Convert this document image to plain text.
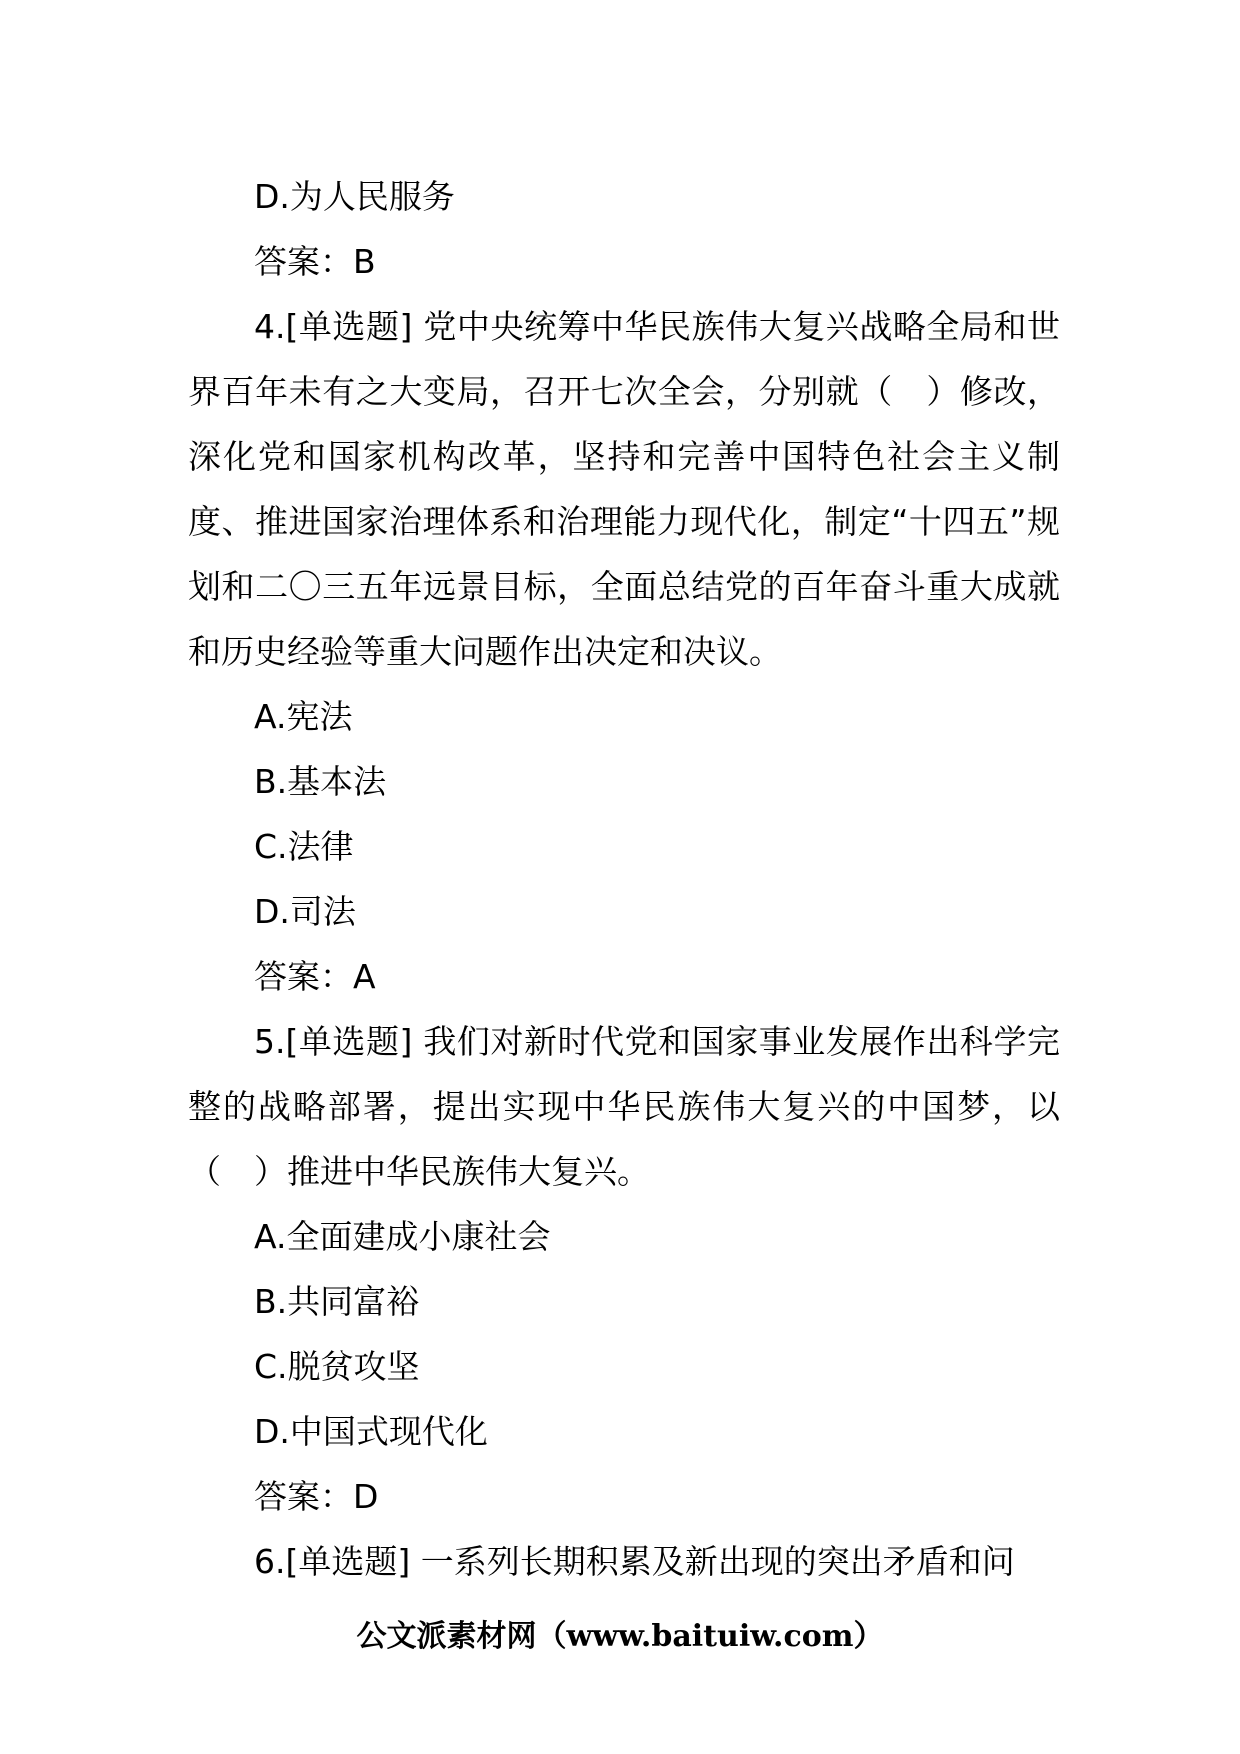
D.为人民服务
答案：B

4.[单选题] 党中央统筹中华民族伟大复兴战略全局和世界百年未有之大变局，召开七次全会，分别就（　）修改，深化党和国家机构改革，坚持和完善中国特色社会主义制度、推进国家治理体系和治理能力现代化，制定“十四五”规划和二〇三五年远景目标，全面总结党的百年奋斗重大成就和历史经验等重大问题作出决定和决议。

A.宪法
B.基本法
C.法律
D.司法
答案：A

5.[单选题] 我们对新时代党和国家事业发展作出科学完整的战略部署，提出实现中华民族伟大复兴的中国梦，以（　）推进中华民族伟大复兴。

A.全面建成小康社会
B.共同富裕
C.脱贫攻坚
D.中国式现代化
答案：D

6.[单选题] 一系列长期积累及新出现的突出矛盾和问

公文派素材网（www.baituiw.com）
